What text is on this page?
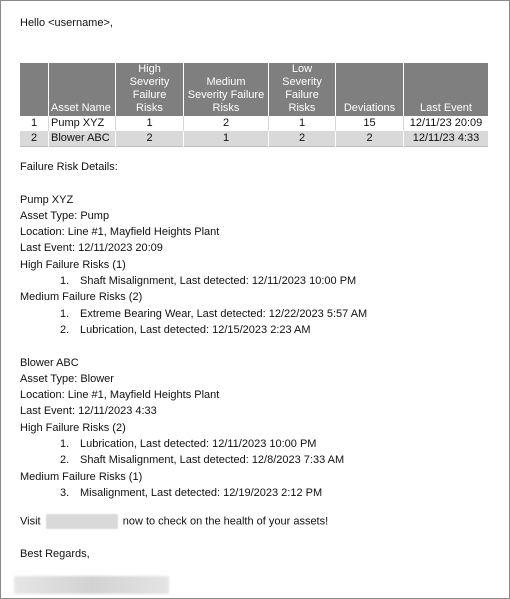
Hello <username>,
	Asset Name	High Severity Failure Risks	Medium Severity Failure Risks	Low Severity Failure Risks	Deviations	Last Event
1	Pump XYZ	1	2	1	15	12/11/23 20:09
2	Blower ABC	2	1	2	2	12/11/23 4:33

Failure Risk Details:

Pump XYZ

Asset Type: Pump

Location: Line #1, Mayfield Heights Plant

Last Event: 12/11/2023 20:09

High Failure Risks (1)

1. Shaft Misalignment, Last detected: 12/11/2023 10:00 PM

Medium Failure Risks (2)

1. Extreme Bearing Wear, Last detected: 12/22/2023 5:57 AM

2. Lubrication, Last detected: 12/15/2023 2:23 AM

Blower ABC

Asset Type: Blower

Location: Line #1, Mayfield Heights Plant

Last Event: 12/11/2023 4:33

High Failure Risks (2)

1. Lubrication, Last detected: 12/11/2023 10:00 PM

2. Shaft Misalignment, Last detected: 12/8/2023 7:33 AM

Medium Failure Risks (1)

3. Misalignment, Last detected: 12/19/2023 2:12 PM

Visit	now to check on the health of your assets!
Best Regards,
